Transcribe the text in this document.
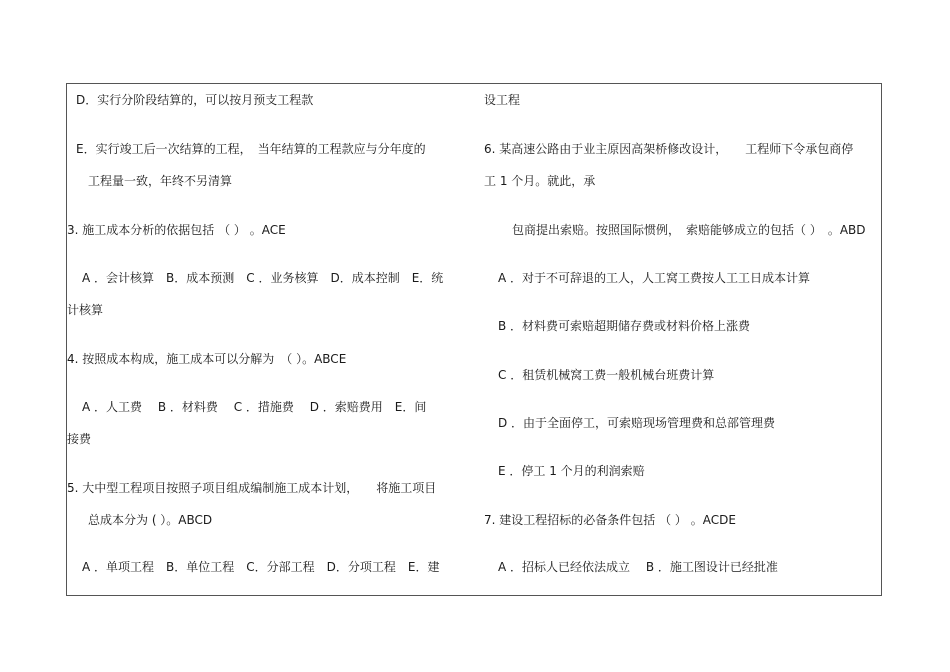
D．实行分阶段结算的，可以按月预支工程款
E．实行竣工后一次结算的工程，　当年结算的工程款应与分年度的
工程量一致，年终不另清算
3. 施工成本分析的依据包括 （ ） 。ACE
A ．会计核算　B．成本预测　C ．业务核算　D．成本控制　E．统
计核算
4. 按照成本构成，施工成本可以分解为　（ ）。ABCE
A ．人工费　 B ．材料费　 C ．措施费　 D ．索赔费用　E．间
接费
5. 大中型工程项目按照子项目组成编制施工成本计划，　　将施工项目
总成本分为 ( ）。ABCD
A ．单项工程　B．单位工程　C．分部工程　D．分项工程　E．建
设工程
6. 某高速公路由于业主原因高架桥修改设计，　　工程师下令承包商停
工 1 个月。就此，承
包商提出索赔。按照国际惯例，　索赔能够成立的包括（ ）　。ABD
A ．对于不可辞退的工人，人工窝工费按人工工日成本计算
B ．材料费可索赔超期储存费或材料价格上涨费
C ．租赁机械窝工费一般机械台班费计算
D ．由于全面停工，可索赔现场管理费和总部管理费
E ．停工 1 个月的利润索赔
7. 建设工程招标的必备条件包括 （ ） 。ACDE
A ．招标人已经依法成立　 B ．施工图设计已经批准
